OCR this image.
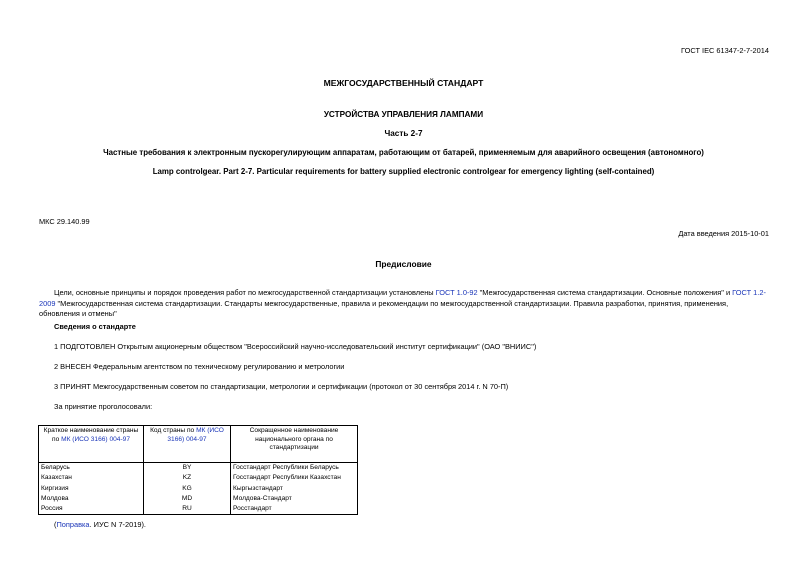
ГОСТ IEC 61347-2-7-2014
МЕЖГОСУДАРСТВЕННЫЙ СТАНДАРТ
УСТРОЙСТВА УПРАВЛЕНИЯ ЛАМПАМИ
Часть 2-7
Частные требования к электронным пускорегулирующим аппаратам, работающим от батарей, применяемым для аварийного освещения (автономного)
Lamp controlgear. Part 2-7. Particular requirements for battery supplied electronic controlgear for emergency lighting (self-contained)
МКС 29.140.99
Дата введения 2015-10-01
Предисловие
Цели, основные принципы и порядок проведения работ по межгосударственной стандартизации установлены ГОСТ 1.0-92 "Межгосударственная система стандартизации. Основные положения" и ГОСТ 1.2-2009 "Межгосударственная система стандартизации. Стандарты межгосударственные, правила и рекомендации по межгосударственной стандартизации. Правила разработки, принятия, применения, обновления и отмены"
Сведения о стандарте
1 ПОДГОТОВЛЕН Открытым акционерным обществом "Всероссийский научно-исследовательский институт сертификации" (ОАО "ВНИИС")
2 ВНЕСЕН Федеральным агентством по техническому регулированию и метрологии
3 ПРИНЯТ Межгосударственным советом по стандартизации, метрологии и сертификации (протокол от 30 сентября 2014 г. N 70-П)
За принятие проголосовали:
Краткое наименование страны по МК (ИСО 3166) 004-97	Код страны по МК (ИСО 3166) 004-97	Сокращенное наименование национального органа по стандартизации
Беларусь	BY	Госстандарт Республики Беларусь
Казахстан	KZ	Госстандарт Республики Казахстан
Киргизия	KG	Кыргызстандарт
Молдова	MD	Молдова-Стандарт
Россия	RU	Росстандарт
(Поправка. ИУС N 7-2019).
